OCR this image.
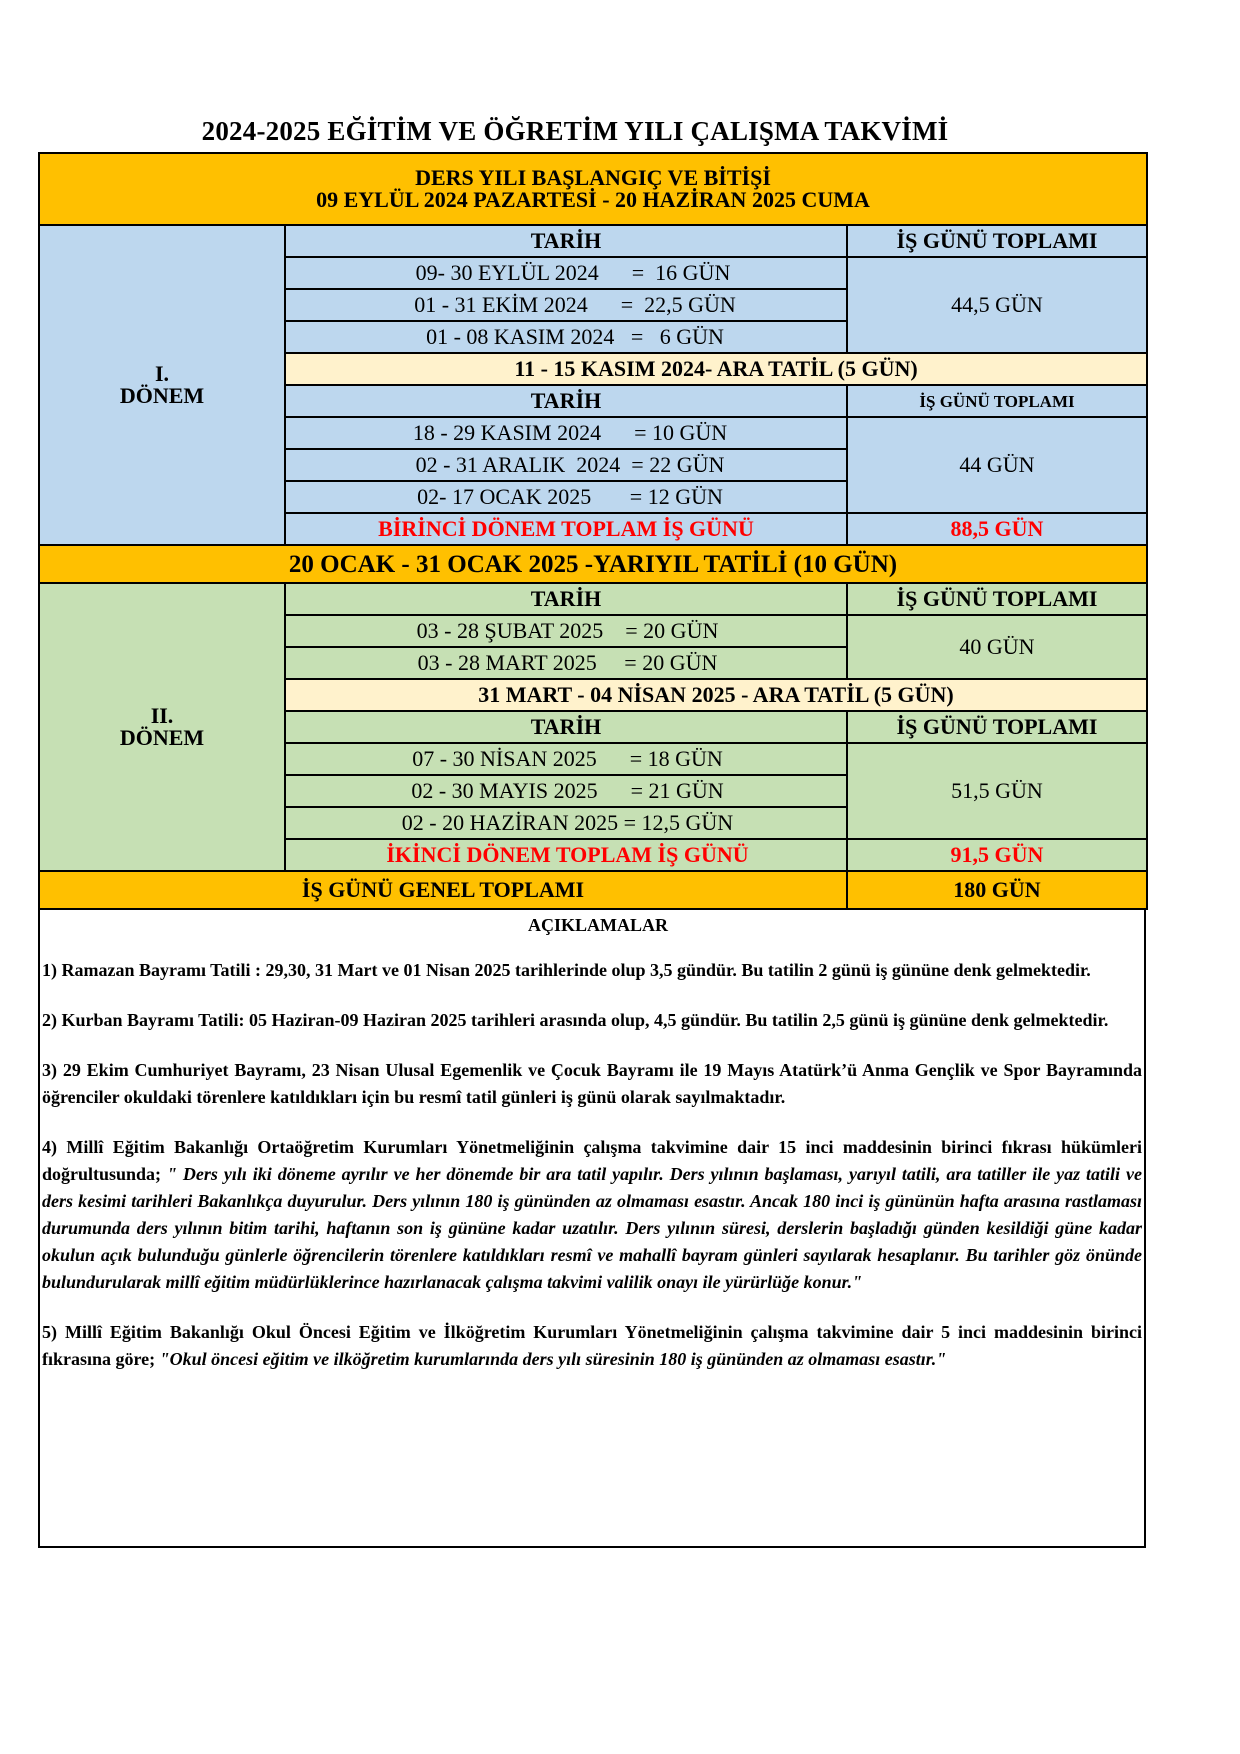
2024-2025 EĞİTİM VE ÖĞRETİM YILI ÇALIŞMA TAKVİMİ
DERS YILI BAŞLANGIÇ VE BİTİŞİ
09 EYLÜL 2024 PAZARTESİ - 20 HAZİRAN 2025 CUMA		

I.
DÖNEM	TARİH	İŞ GÜNÜ TOPLAMI
	09- 30 EYLÜL 2024      =  16 GÜN	44,5 GÜN
	01 - 31 EKİM 2024      =  22,5 GÜN	
	01 - 08 KASIM 2024   =   6 GÜN	
	11 - 15 KASIM 2024- ARA TATİL (5 GÜN)	
	TARİH	İŞ GÜNÜ TOPLAMI
	18 - 29 KASIM 2024      = 10 GÜN	44 GÜN
	02 - 31 ARALIK  2024  = 22 GÜN	
	02- 17 OCAK 2025       = 12 GÜN	
	BİRİNCİ DÖNEM TOPLAM İŞ GÜNÜ	88,5 GÜN
20 OCAK - 31 OCAK 2025 -YARIYIL TATİLİ (10 GÜN)		

II.
DÖNEM	TARİH	İŞ GÜNÜ TOPLAMI
	03 - 28 ŞUBAT 2025    = 20 GÜN	40 GÜN
	03 - 28 MART 2025     = 20 GÜN	
	31 MART - 04 NİSAN 2025 - ARA TATİL (5 GÜN)	
	TARİH	İŞ GÜNÜ TOPLAMI
	07 - 30 NİSAN 2025      = 18 GÜN	51,5 GÜN
	02 - 30 MAYIS 2025      = 21 GÜN	
	02 - 20 HAZİRAN 2025 = 12,5 GÜN	
	İKİNCİ DÖNEM TOPLAM İŞ GÜNÜ	91,5 GÜN
İŞ GÜNÜ GENEL TOPLAMI		180 GÜN
AÇIKLAMALAR

1) Ramazan Bayramı Tatili : 29,30, 31 Mart ve 01 Nisan 2025 tarihlerinde olup 3,5 gündür. Bu tatilin 2 günü iş gününe denk gelmektedir.

2) Kurban Bayramı Tatili: 05 Haziran-09 Haziran 2025 tarihleri arasında olup, 4,5 gündür. Bu tatilin 2,5 günü iş gününe denk gelmektedir.

3) 29 Ekim Cumhuriyet Bayramı, 23 Nisan Ulusal Egemenlik ve Çocuk Bayramı ile 19 Mayıs Atatürk’ü Anma Gençlik ve Spor Bayramında öğrenciler okuldaki törenlere katıldıkları için bu resmî tatil günleri iş günü olarak sayılmaktadır.

4) Millî Eğitim Bakanlığı Ortaöğretim Kurumları Yönetmeliğinin çalışma takvimine dair 15 inci maddesinin birinci fıkrası hükümleri doğrultusunda; " Ders yılı iki döneme ayrılır ve her dönemde bir ara tatil yapılır. Ders yılının başlaması, yarıyıl tatili, ara tatiller ile yaz tatili ve ders kesimi tarihleri Bakanlıkça duyurulur. Ders yılının 180 iş gününden az olmaması esastır. Ancak 180 inci iş gününün hafta arasına rastlaması durumunda ders yılının bitim tarihi, haftanın son iş gününe kadar uzatılır. Ders yılının süresi, derslerin başladığı günden kesildiği güne kadar okulun açık bulunduğu günlerle öğrencilerin törenlere katıldıkları resmî ve mahallî bayram günleri sayılarak hesaplanır. Bu tarihler göz önünde bulundurularak millî eğitim müdürlüklerince hazırlanacak çalışma takvimi valilik onayı ile yürürlüğe konur."

5) Millî Eğitim Bakanlığı Okul Öncesi Eğitim ve İlköğretim Kurumları Yönetmeliğinin çalışma takvimine dair 5 inci maddesinin birinci fıkrasına göre; "Okul öncesi eğitim ve ilköğretim kurumlarında ders yılı süresinin 180 iş gününden az olmaması esastır."
